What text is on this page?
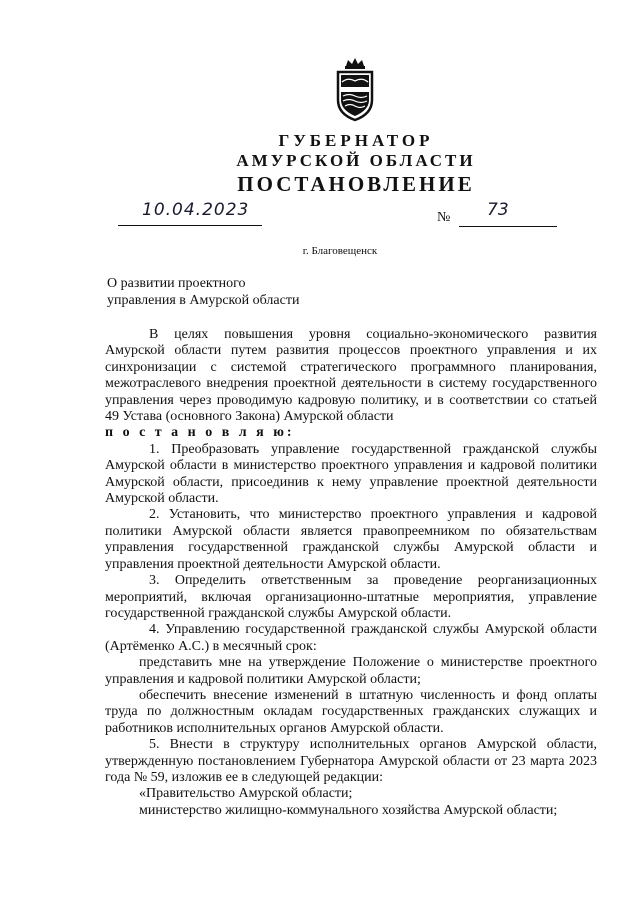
ГУБЕРНАТОР
АМУРСКОЙ ОБЛАСТИ
ПОСТАНОВЛЕНИЕ
10.04.2023	№ 73
г. Благовещенск
О развитии проектного
управления в Амурской области

В целях повышения уровня социально-экономического развития Амурской области путем развития процессов проектного управления и их синхронизации с системой стратегического программного планирования, межотраслевого внедрения проектной деятельности в систему государственного управления через проводимую кадровую политику, и в соответствии со статьей 49 Устава (основного Закона) Амурской области

п о с т а н о в л я ю:

1. Преобразовать управление государственной гражданской службы Амурской области в министерство проектного управления и кадровой политики Амурской области, присоединив к нему управление проектной деятельности Амурской области.

2. Установить, что министерство проектного управления и кадровой политики Амурской области является правопреемником по обязательствам управления государственной гражданской службы Амурской области и управления проектной деятельности Амурской области.

3. Определить ответственным за проведение реорганизационных мероприятий, включая организационно-штатные мероприятия, управление государственной гражданской службы Амурской области.

4. Управлению государственной гражданской службы Амурской области (Артёменко А.С.) в месячный срок:

представить мне на утверждение Положение о министерстве проектного управления и кадровой политики Амурской области;

обеспечить внесение изменений в штатную численность и фонд оплаты труда по должностным окладам государственных гражданских служащих и работников исполнительных органов Амурской области.

5. Внести в структуру исполнительных органов Амурской области, утвержденную постановлением Губернатора Амурской области от 23 марта 2023 года № 59, изложив ее в следующей редакции:

«Правительство Амурской области;

министерство жилищно-коммунального хозяйства Амурской области;
